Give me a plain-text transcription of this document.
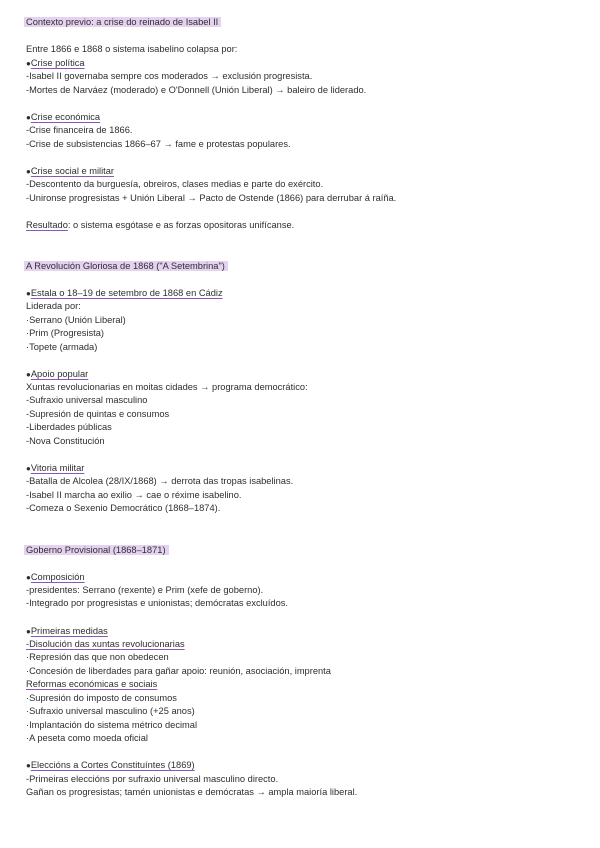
Contexto previo: a crise do reinado de Isabel II
Entre 1866 e 1868 o sistema isabelino colapsa por:
●Crise política
-Isabel II governaba sempre cos moderados → exclusión progresista.
-Mortes de Narváez (moderado) e O'Donnell (Unión Liberal) → baleiro de liderado.
●Crise económica
-Crise financeira de 1866.
-Crise de subsistencias 1866–67 → fame e protestas populares.
●Crise social e militar
-Descontento da burguesía, obreiros, clases medias e parte do exército.
-Unironse progresistas + Unión Liberal → Pacto de Ostende (1866) para derrubar á raíña.
Resultado: o sistema esgótase e as forzas opositoras unifícanse.
A Revolución Gloriosa de 1868 ("A Setembrina")
●Estala o 18–19 de setembro de 1868 en Cádiz
Liderada por:
·Serrano (Unión Liberal)
·Prim (Progresista)
·Topete (armada)
●Apoio popular
Xuntas revolucionarias en moitas cidades → programa democrático:
-Sufraxio universal masculino
-Supresión de quintas e consumos
-Liberdades públicas
-Nova Constitución
●Vitoria militar
-Batalla de Alcolea (28/IX/1868) → derrota das tropas isabelinas.
-Isabel II marcha ao exilio → cae o réxime isabelino.
-Comeza o Sexenio Democrático (1868–1874).
Goberno Provisional (1868–1871)
●Composición
-presidentes: Serrano (rexente) e Prim (xefe de goberno).
-Integrado por progresistas e unionistas; demócratas excluídos.
●Primeiras medidas
-Disolución das xuntas revolucionarias
·Represión das que non obedecen
·Concesión de liberdades para gañar apoio: reunión, asociación, imprenta
Reformas económicas e sociais
·Supresión do imposto de consumos
·Sufraxio universal masculino (+25 anos)
·Implantación do sistema métrico decimal
·A peseta como moeda oficial
●Eleccións a Cortes Constituíntes (1869)
-Primeiras eleccións por sufraxio universal masculino directo.
Gañan os progresistas; tamén unionistas e demócratas → ampla maioría liberal.
